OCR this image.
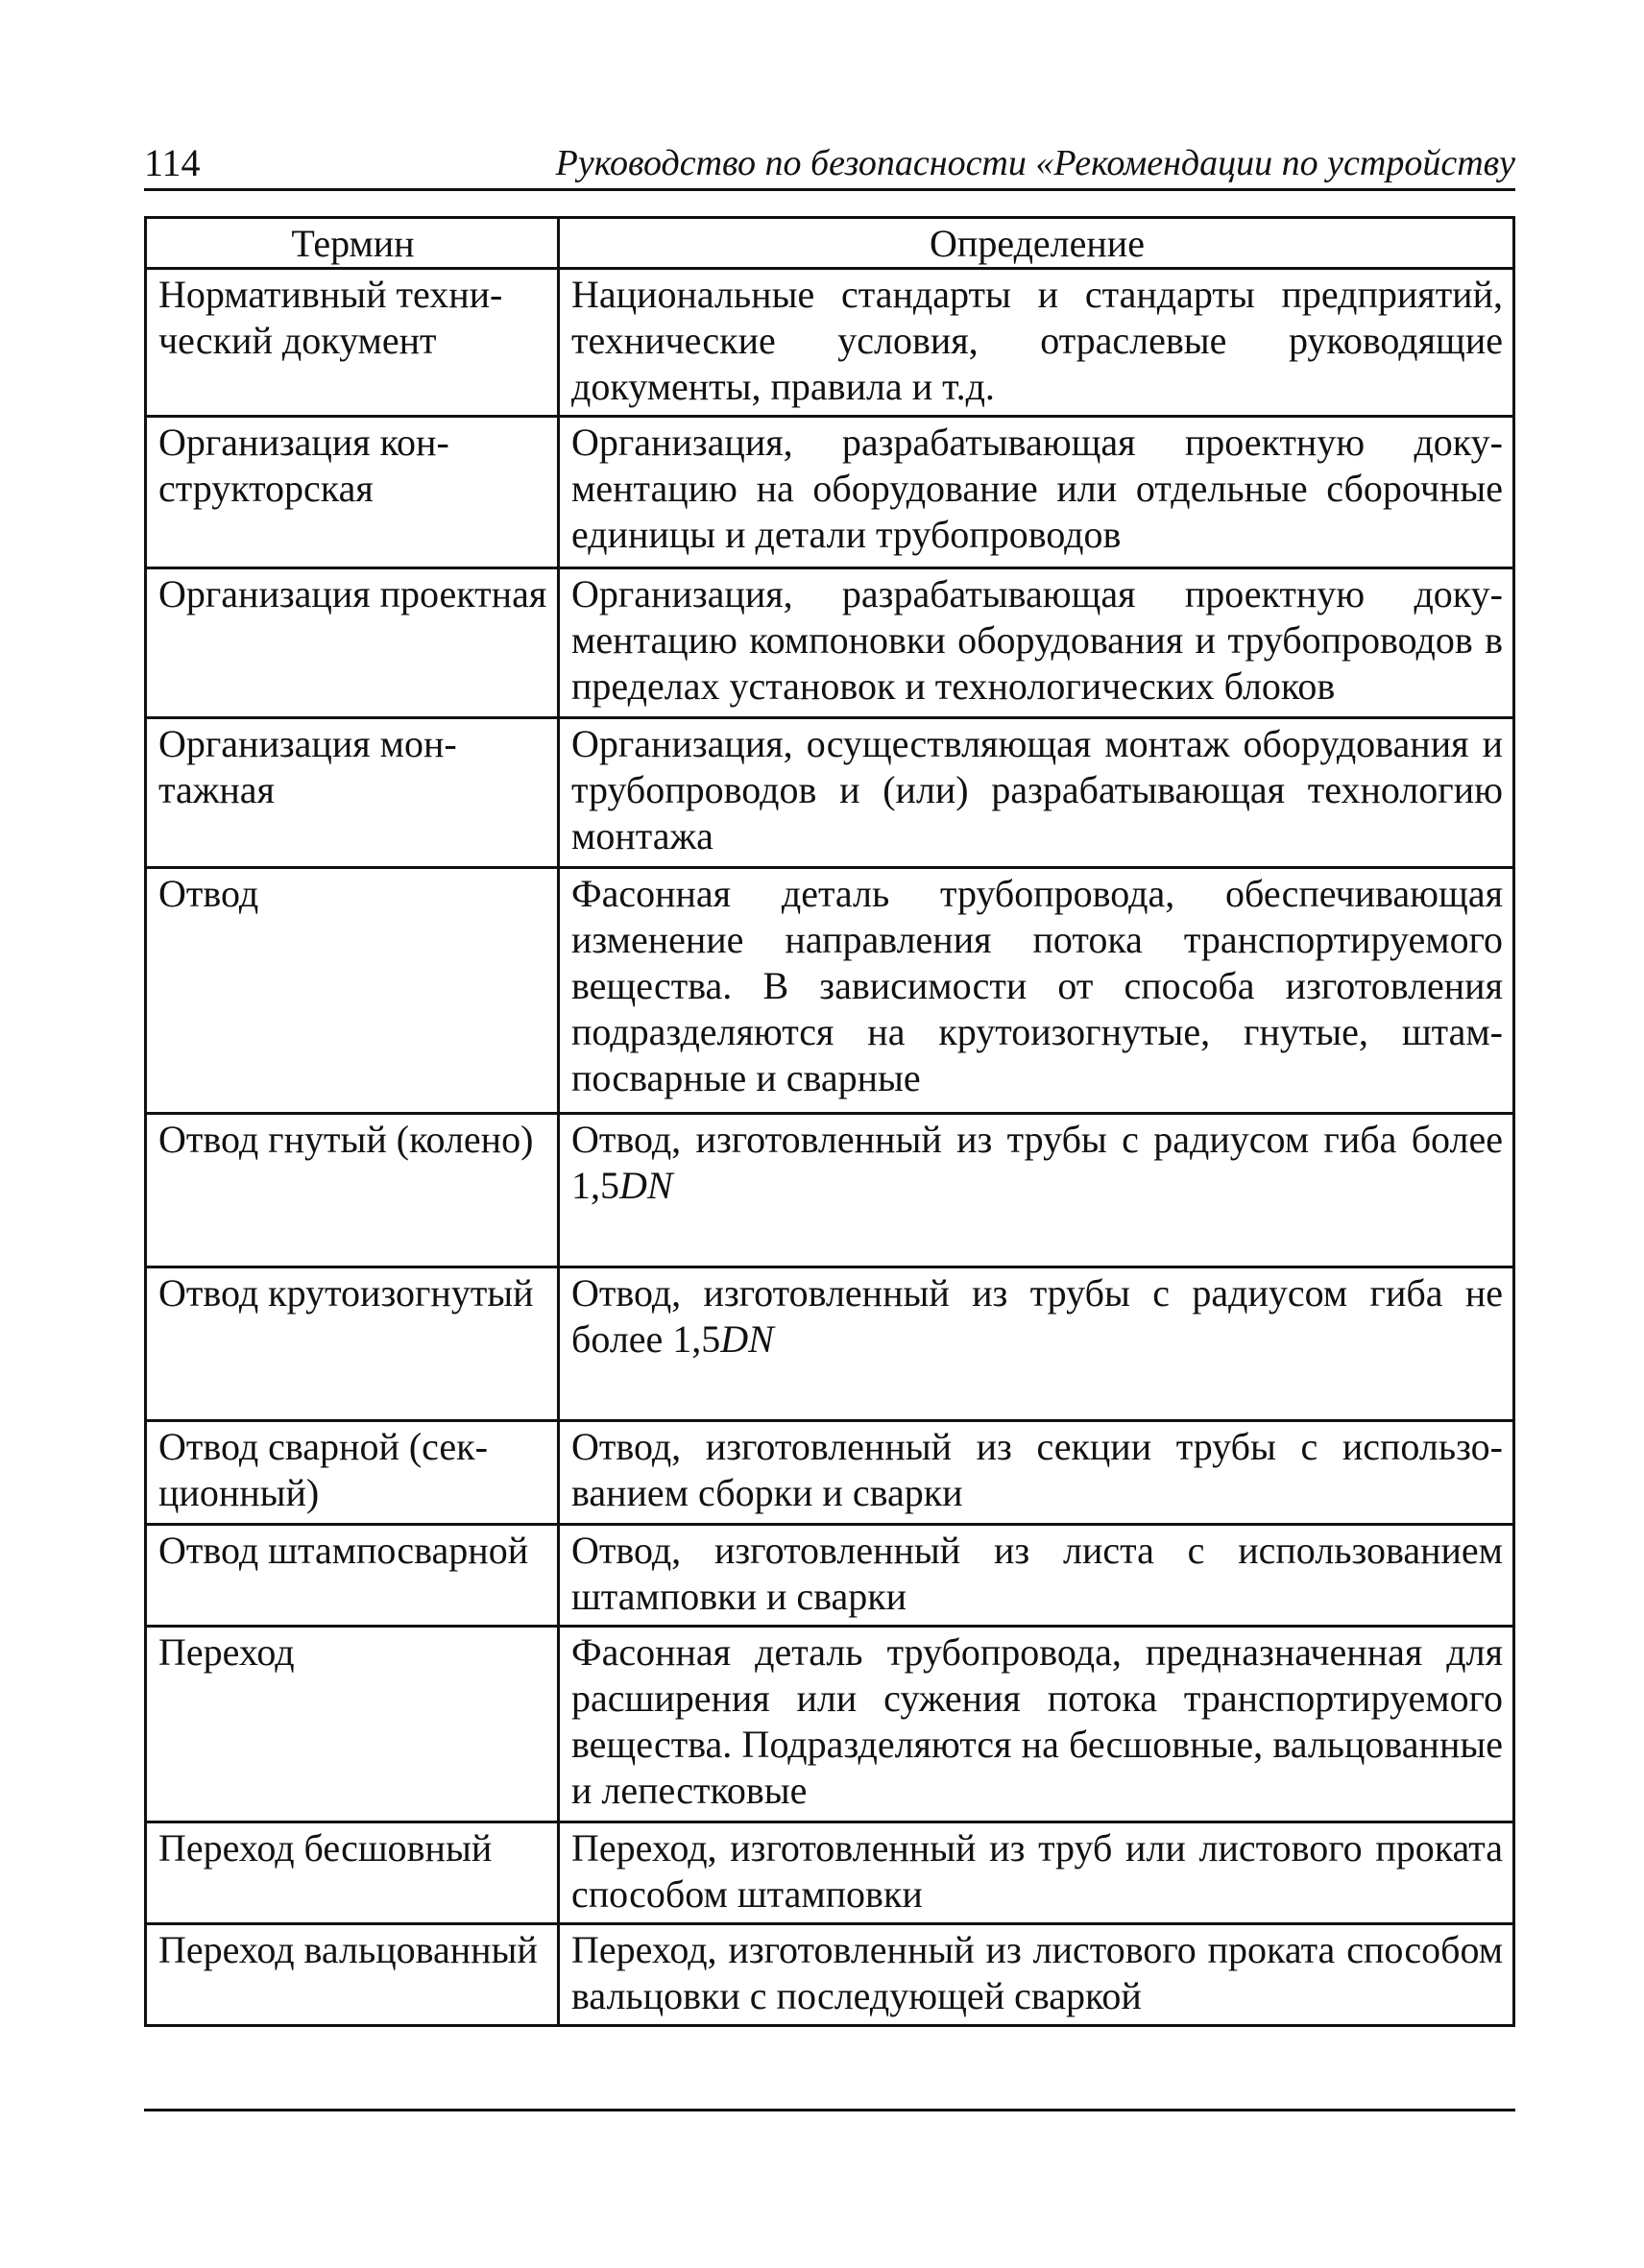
114	Руководство по безопасности «Рекомендации по устройству
Термин	Определение
Нормативный технический документ	Национальные стандарты и стандарты предприятий, технические условия, отраслевые руководящие документы, правила и т.д.
Организация конструкторская	Организация, разрабатывающая проектную документацию на оборудование или отдельные сборочные единицы и детали трубопроводов
Организация проектная	Организация, разрабатывающая проектную документацию компоновки оборудования и трубопроводов в пределах установок и технологических блоков
Организация монтажная	Организация, осуществляющая монтаж оборудования и трубопроводов и (или) разрабатывающая технологию монтажа
Отвод	Фасонная деталь трубопровода, обеспечивающая изменение направления потока транспортируемого вещества. В зависимости от способа изготовления подразделяются на крутоизогнутые, гнутые, штампосварные и сварные
Отвод гнутый (колено)	Отвод, изготовленный из трубы с радиусом гиба более 1,5DN
Отвод крутоизогнутый	Отвод, изготовленный из трубы с радиусом гиба не более 1,5DN
Отвод сварной (секционный)	Отвод, изготовленный из секции трубы с использованием сборки и сварки
Отвод штампосварной	Отвод, изготовленный из листа с использованием штамповки и сварки
Переход	Фасонная деталь трубопровода, предназначенная для расширения или сужения потока транспортируемого вещества. Подразделяются на бесшовные, вальцованные и лепестковые
Переход бесшовный	Переход, изготовленный из труб или листового проката способом штамповки
Переход вальцованный	Переход, изготовленный из листового проката способом вальцовки с последующей сваркой
